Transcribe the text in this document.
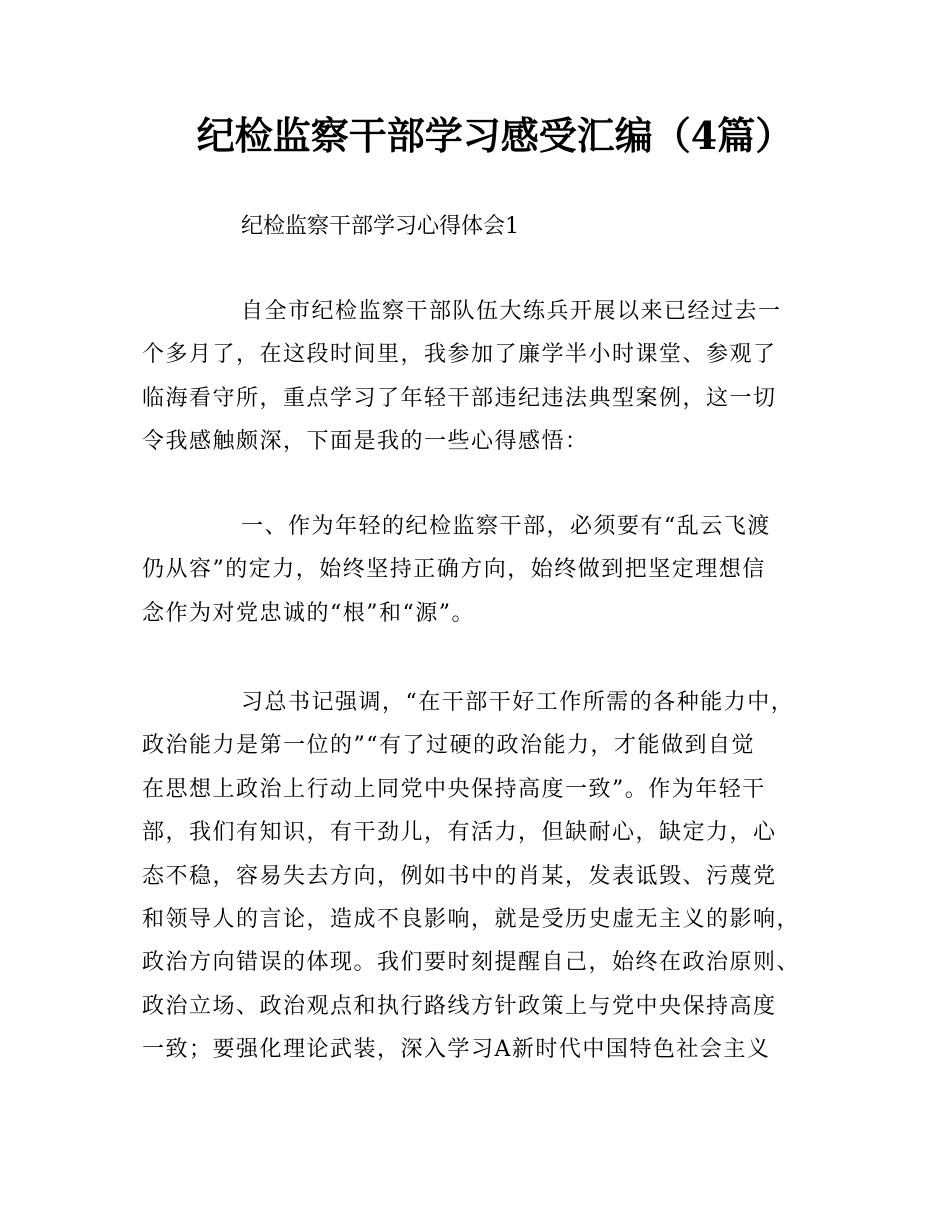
纪检监察干部学习感受汇编（4篇）

纪检监察干部学习心得体会1

自全市纪检监察干部队伍大练兵开展以来已经过去一
个多月了，在这段时间里，我参加了廉学半小时课堂、参观了
临海看守所，重点学习了年轻干部违纪违法典型案例，这一切
令我感触颇深，下面是我的一些心得感悟：

一、作为年轻的纪检监察干部，必须要有“乱云飞渡
仍从容”的定力，始终坚持正确方向，始终做到把坚定理想信
念作为对党忠诚的“根”和“源”。

习总书记强调，“在干部干好工作所需的各种能力中，
政治能力是第一位的”“有了过硬的政治能力，才能做到自觉
在思想上政治上行动上同党中央保持高度一致”。作为年轻干
部，我们有知识，有干劲儿，有活力，但缺耐心，缺定力，心
态不稳，容易失去方向，例如书中的肖某，发表诋毁、污蔑党
和领导人的言论，造成不良影响，就是受历史虚无主义的影响，
政治方向错误的体现。我们要时刻提醒自己，始终在政治原则、
政治立场、政治观点和执行路线方针政策上与党中央保持高度
一致；要强化理论武装，深入学习A新时代中国特色社会主义
